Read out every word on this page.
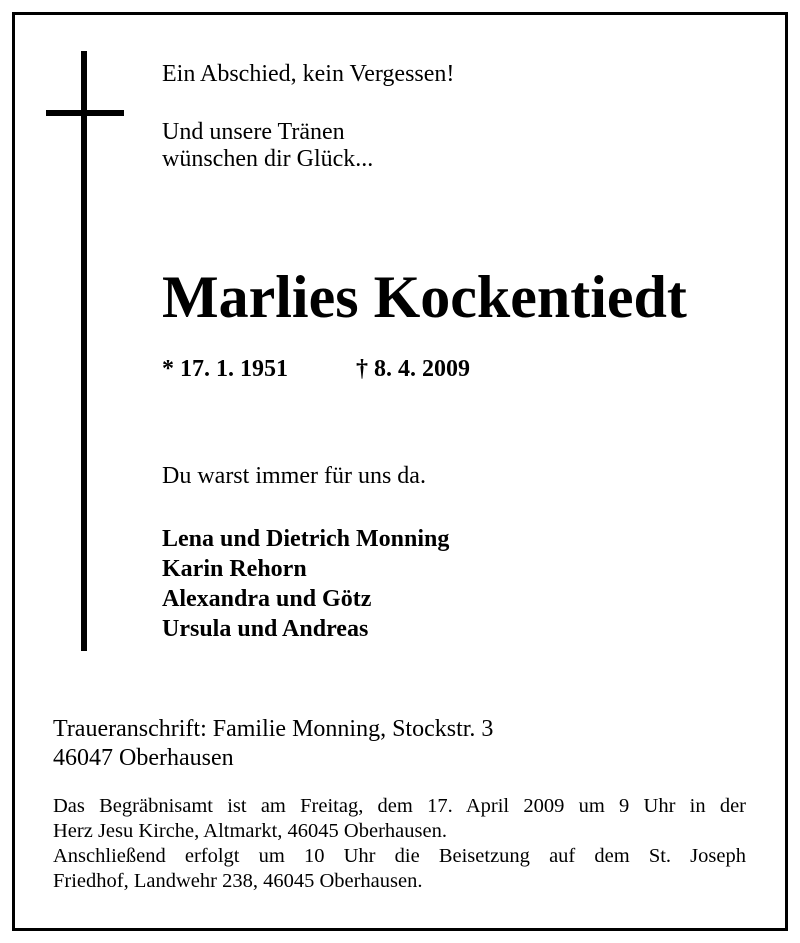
Ein Abschied, kein Vergessen!
Und unsere Tränen
wünschen dir Glück...
Marlies Kockentiedt
* 17. 1. 1951	† 8. 4. 2009
Du warst immer für uns da.
Lena und Dietrich Monning
Karin Rehorn
Alexandra und Götz
Ursula und Andreas
Traueranschrift: Familie Monning, Stockstr. 3
46047 Oberhausen
Das Begräbnisamt ist am Freitag, dem 17. April 2009 um 9 Uhr in der
Herz Jesu Kirche, Altmarkt, 46045 Oberhausen.
Anschließend erfolgt um 10 Uhr die Beisetzung auf dem St. Joseph
Friedhof, Landwehr 238, 46045 Oberhausen.
